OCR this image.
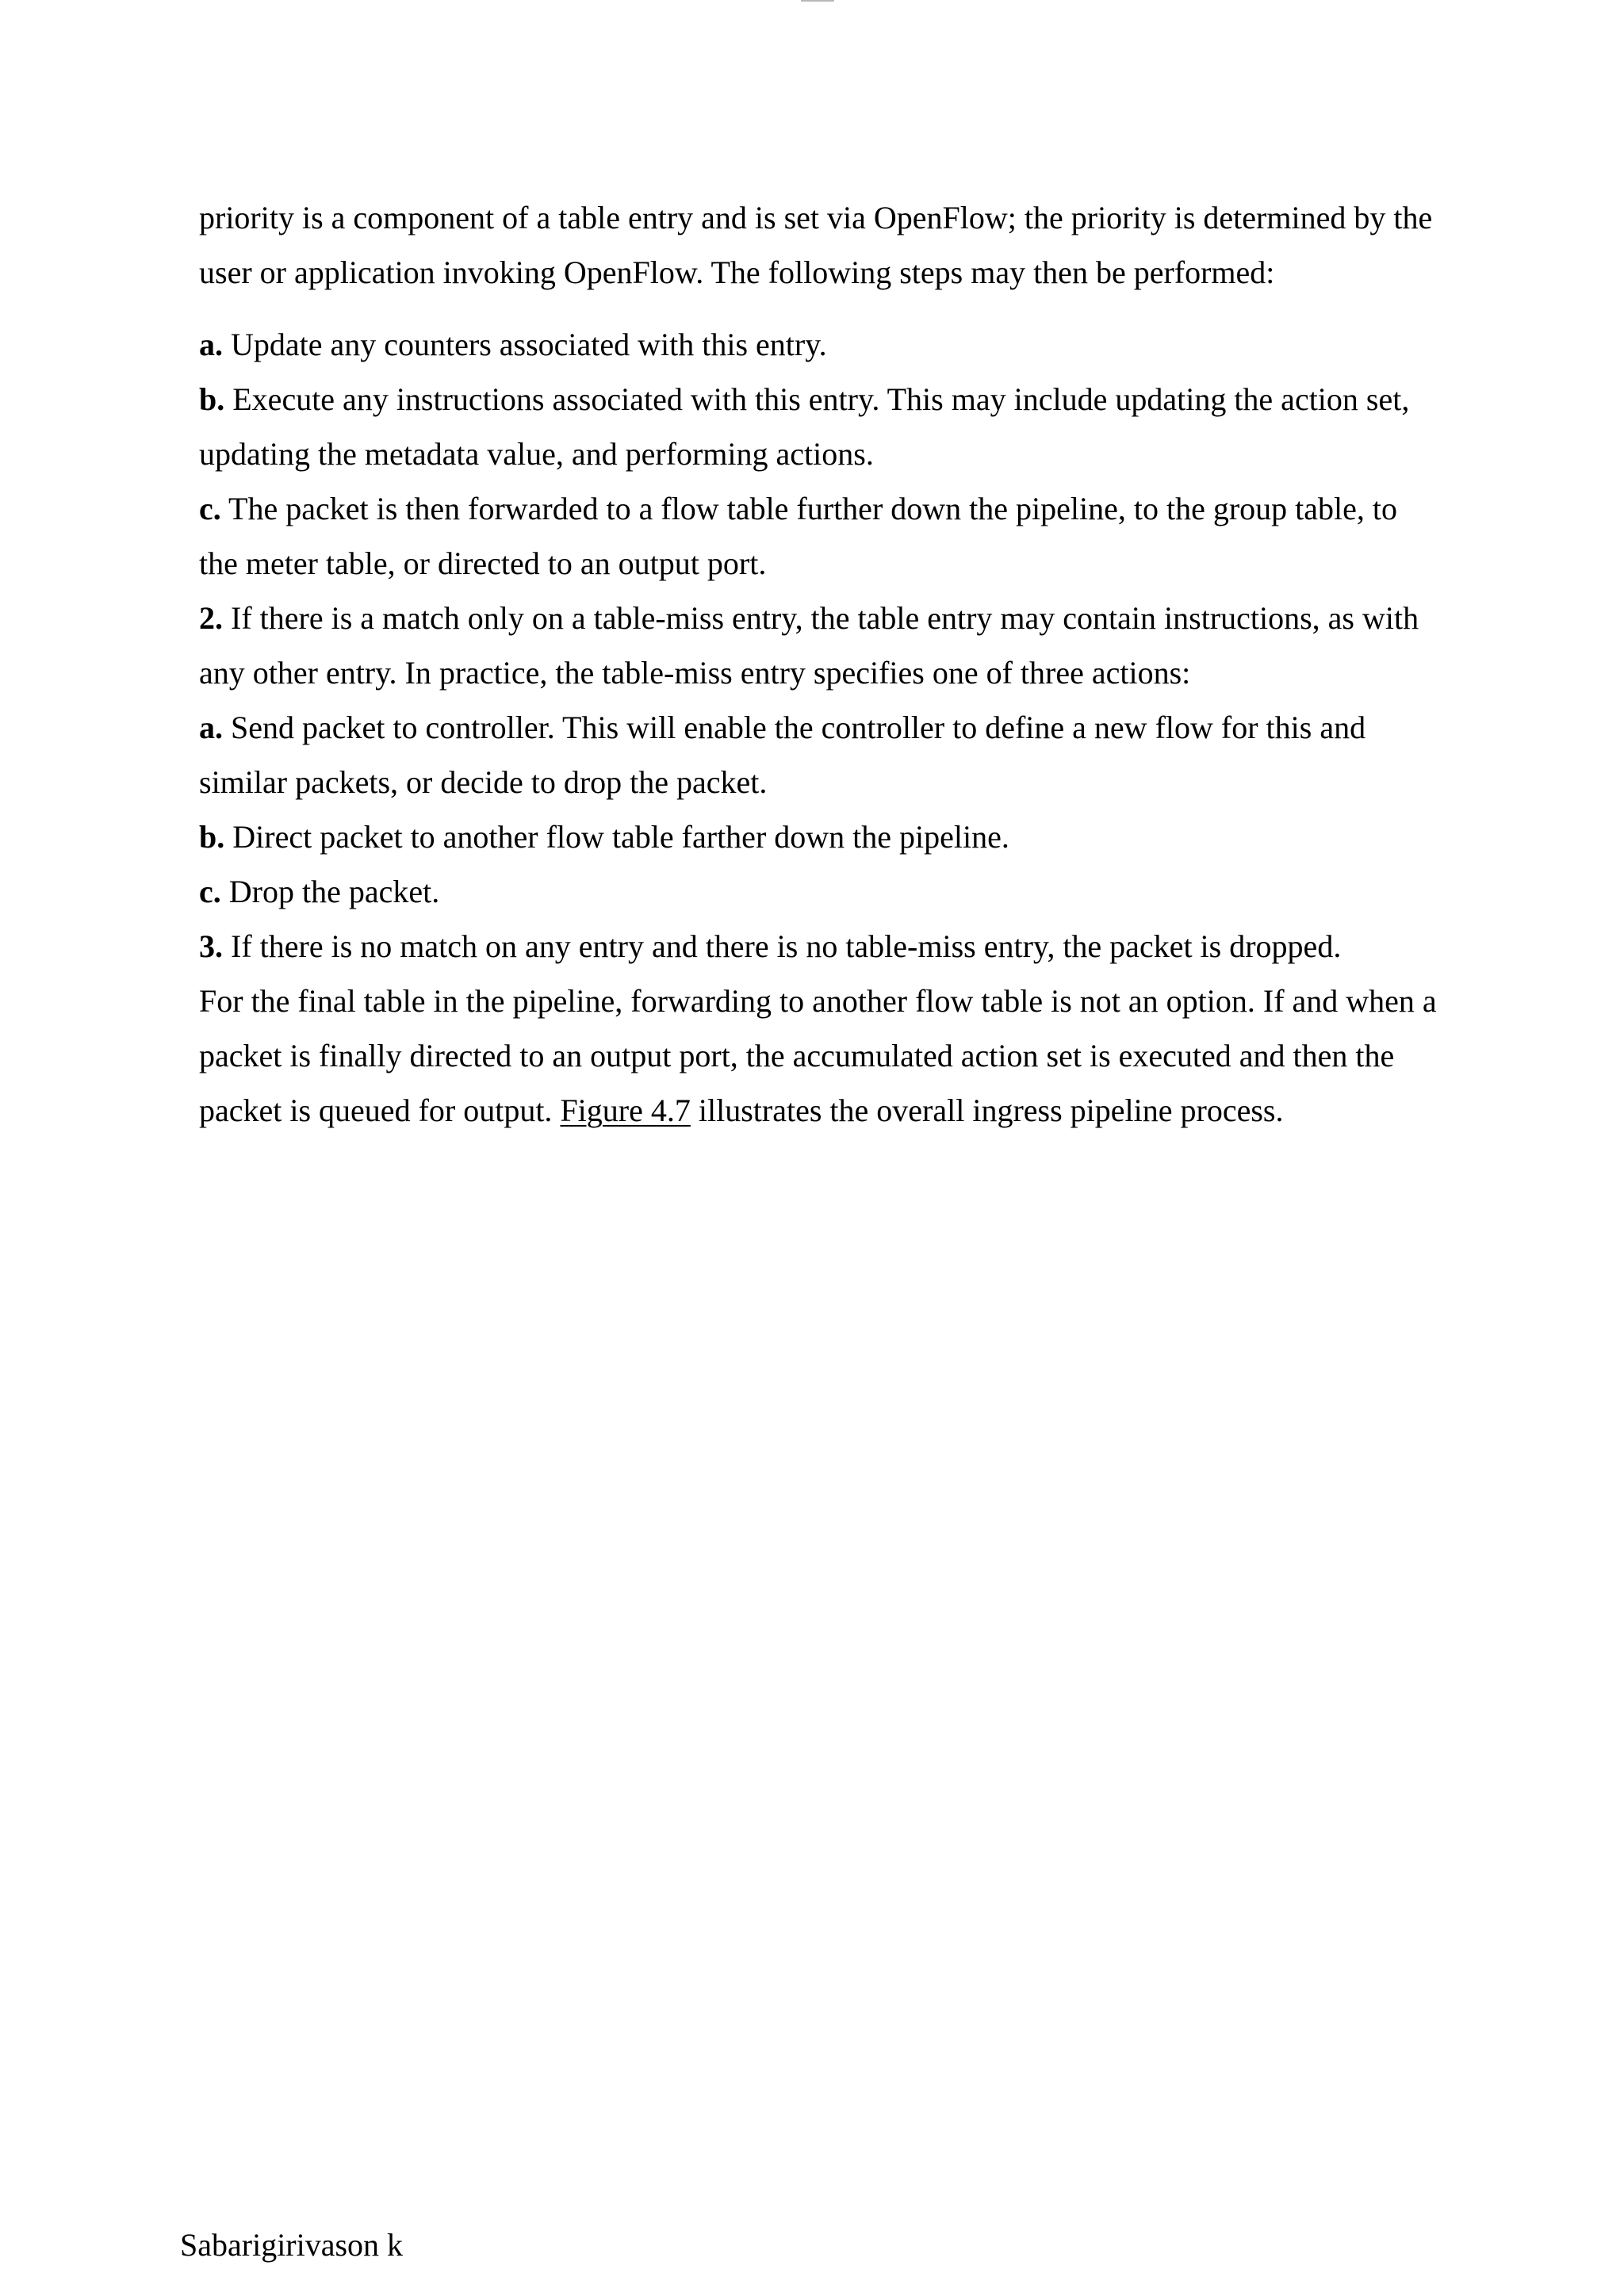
priority is a component of a table entry and is set via OpenFlow; the priority is determined by the
user or application invoking OpenFlow. The following steps may then be performed:
a. Update any counters associated with this entry.
b. Execute any instructions associated with this entry. This may include updating the action set,
updating the metadata value, and performing actions.
c. The packet is then forwarded to a flow table further down the pipeline, to the group table, to
the meter table, or directed to an output port.
2. If there is a match only on a table-miss entry, the table entry may contain instructions, as with
any other entry. In practice, the table-miss entry specifies one of three actions:
a. Send packet to controller. This will enable the controller to define a new flow for this and
similar packets, or decide to drop the packet.
b. Direct packet to another flow table farther down the pipeline.
c. Drop the packet.
3. If there is no match on any entry and there is no table-miss entry, the packet is dropped.
For the final table in the pipeline, forwarding to another flow table is not an option. If and when a
packet is finally directed to an output port, the accumulated action set is executed and then the
packet is queued for output. Figure 4.7 illustrates the overall ingress pipeline process.
Sabarigirivason k
